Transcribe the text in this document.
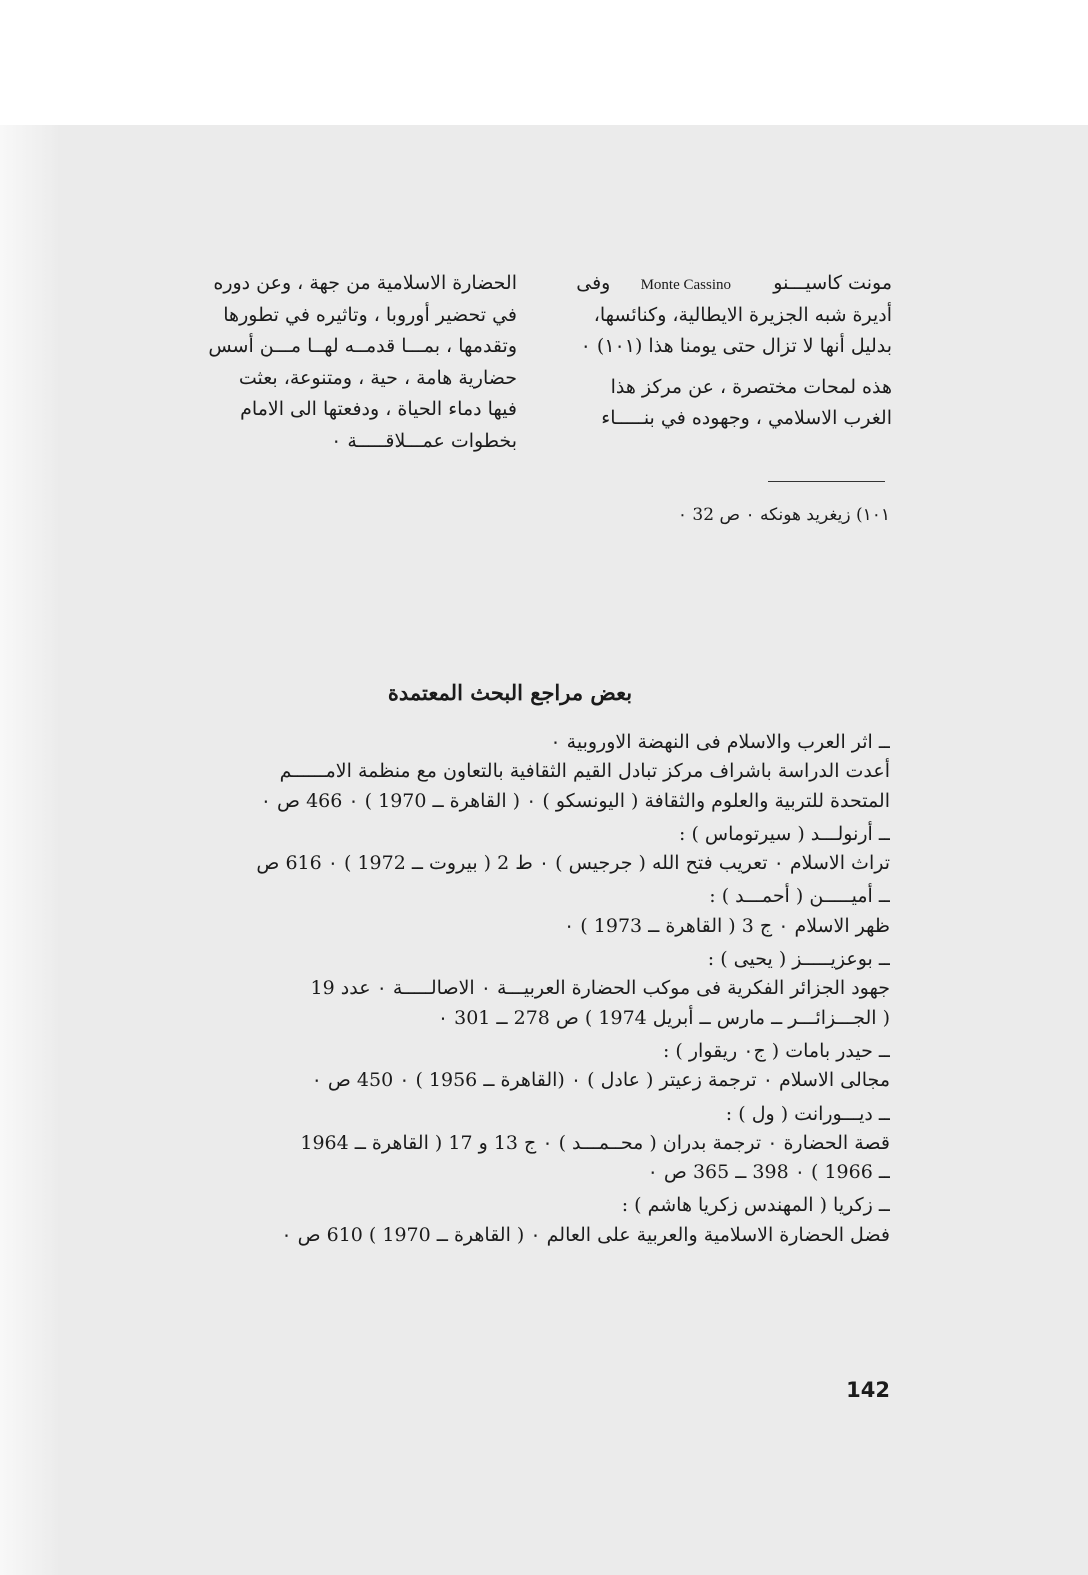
مونت كاسيـــنو       Monte Cassino     وفى
أديرة شبه الجزيرة الايطالية، وكنائسها،
بدليل أنها لا تزال حتى يومنا هذا (١٠١) ٠
هذه لمحات مختصرة ، عن مركز هذا
الغرب الاسلامي ، وجهوده في بنـــــاء
الحضارة الاسلامية من جهة ، وعن دوره
في تحضير أوروبا ، وتاثيره في تطورها
وتقدمها ، بمـــا قدمــه لهــا مـــن أسس
حضارية هامة ، حية ، ومتنوعة، بعثت
فيها دماء الحياة ، ودفعتها الى الامام
بخطوات عمـــلاقـــــة ٠
١٠١) زيغريد هونكه ٠ ص 32 ٠
بعض مراجع البحث المعتمدة
ــ اثر العرب والاسلام فى النهضة الاوروبية ٠
أعدت الدراسة باشراف مركز تبادل القيم الثقافية بالتعاون مع منظمة الامــــــم
المتحدة للتربية والعلوم والثقافة ( اليونسكو ) ٠ ( القاهرة ــ 1970 ) ٠ 466 ص ٠
ــ أرنولـــد ( سيرتوماس ) :
تراث الاسلام ٠ تعريب فتح الله ( جرجيس ) ٠ ط 2 ( بيروت ــ 1972 ) ٠ 616 ص
ــ أميـــــن ( أحمـــد ) :
ظهر الاسلام ٠ ج 3 ( القاهرة ــ 1973 ) ٠
ــ بوعزيـــــز ( يحيى ) :
جهود الجزائر الفكرية فى موكب الحضارة العربيـــة ٠ الاصالـــــة ٠ عدد 19
( الجـــزائـــر ــ مارس ــ أبريل 1974 ) ص 278 ــ 301 ٠
ــ حيدر بامات ( ج٠ ريقوار ) :
مجالى الاسلام ٠ ترجمة زعيتر ( عادل ) ٠ (القاهرة ــ 1956 ) ٠ 450 ص ٠
ــ ديـــورانت ( ول ) :
قصة الحضارة ٠ ترجمة بدران ( محــمـــد ) ٠ ج 13 و 17 ( القاهرة ــ 1964
ــ 1966 ) ٠ 398 ــ 365 ص ٠
ــ زكريا ( المهندس زكريا هاشم ) :
فضل الحضارة الاسلامية والعربية على العالم ٠ ( القاهرة ــ 1970 ) 610 ص ٠
142
